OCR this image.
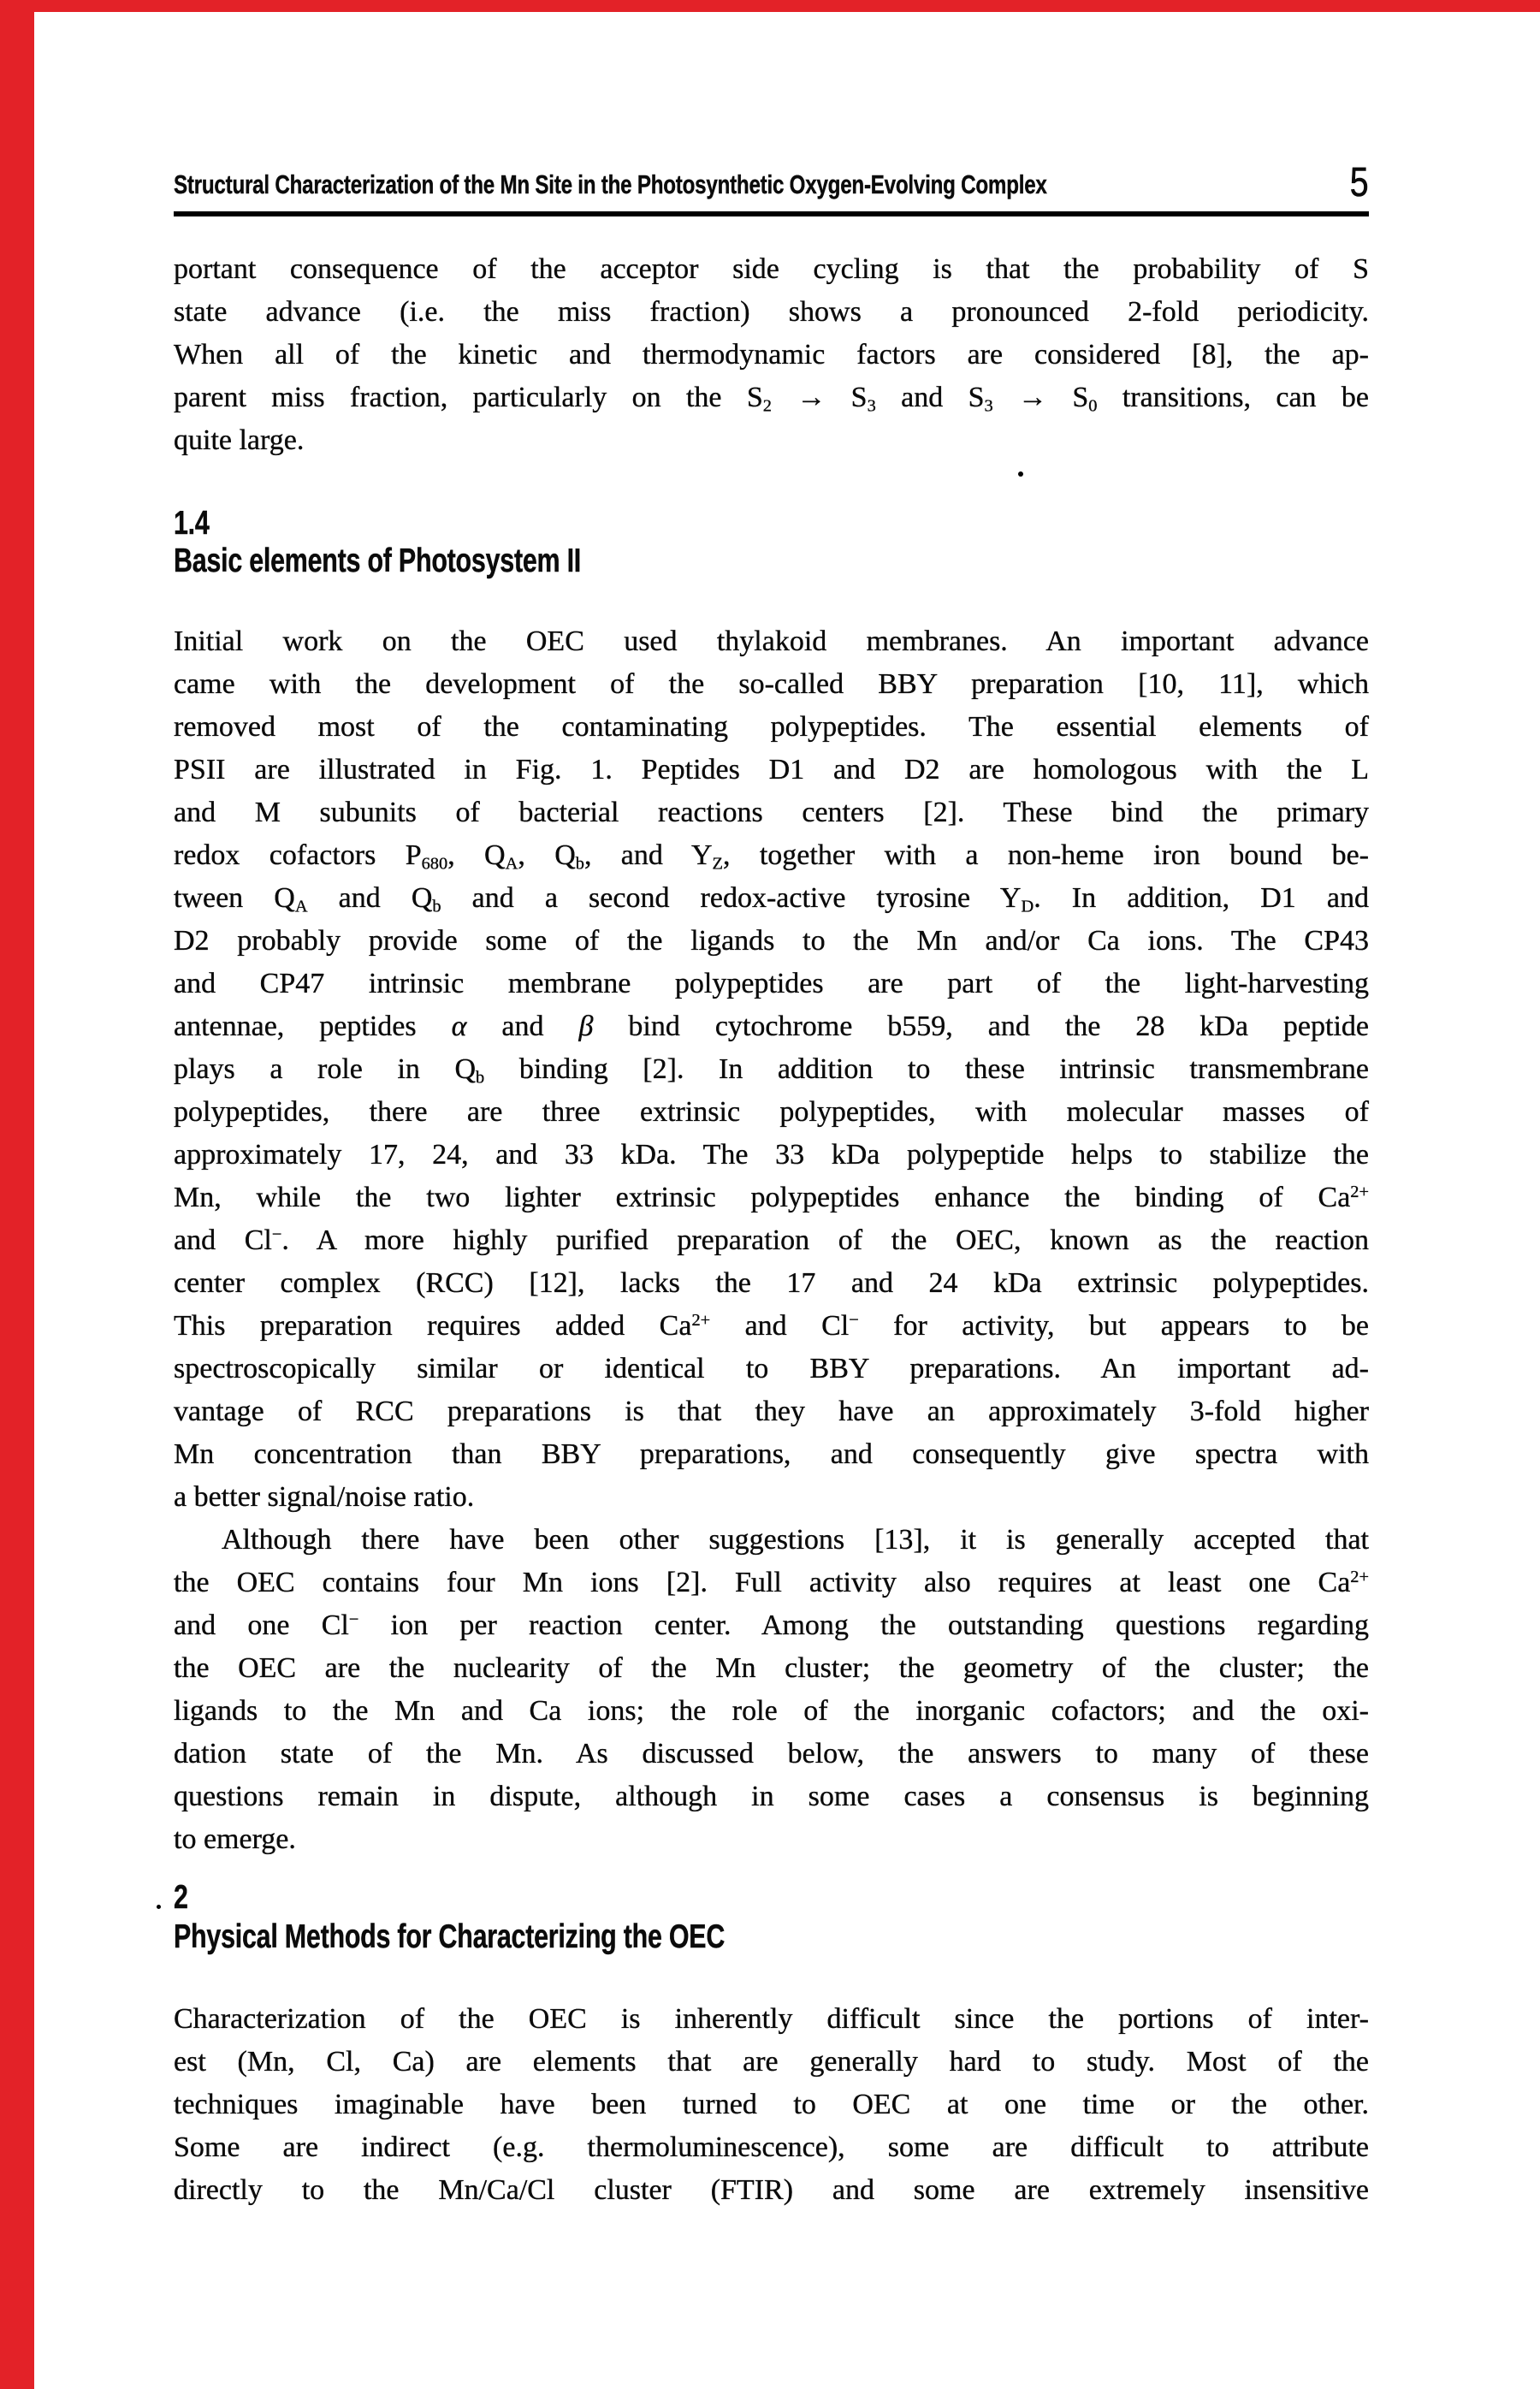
Structural Characterization of the Mn Site in the Photosynthetic Oxygen-Evolving Complex	5
portant consequence of the acceptor side cycling is that the probability of S
state advance (i.e. the miss fraction) shows a pronounced 2-fold periodicity.
When all of the kinetic and thermodynamic factors are considered [8], the ap-
parent miss fraction, particularly on the $S_2 \to S_3$ and $S_3 \to S_0$ transitions, can be
quite large.
1.4
Basic elements of Photosystem II
Initial work on the OEC used thylakoid membranes. An important advance
came with the development of the so-called BBY preparation [10, 11], which
removed most of the contaminating polypeptides. The essential elements of
PSII are illustrated in Fig. 1. Peptides D1 and D2 are homologous with the L
and M subunits of bacterial reactions centers [2]. These bind the primary
redox cofactors $P_{680}$, $Q_A$, $Q_b$, and $Y_Z$, together with a non-heme iron bound be-
tween $Q_A$ and $Q_b$ and a second redox-active tyrosine $Y_D$. In addition, D1 and
D2 probably provide some of the ligands to the Mn and/or Ca ions. The CP43
and CP47 intrinsic membrane polypeptides are part of the light-harvesting
antennae, peptides α and β bind cytochrome b559, and the 28 kDa peptide
plays a role in $Q_b$ binding [2]. In addition to these intrinsic transmembrane
polypeptides, there are three extrinsic polypeptides, with molecular masses of
approximately 17, 24, and 33 kDa. The 33 kDa polypeptide helps to stabilize the
Mn, while the two lighter extrinsic polypeptides enhance the binding of $Ca^{2+}$
and Cl−. A more highly purified preparation of the OEC, known as the reaction
center complex (RCC) [12], lacks the 17 and 24 kDa extrinsic polypeptides.
This preparation requires added $Ca^{2+}$ and Cl− for activity, but appears to be
spectroscopically similar or identical to BBY preparations. An important ad-
vantage of RCC preparations is that they have an approximately 3-fold higher
Mn concentration than BBY preparations, and consequently give spectra with
a better signal/noise ratio.
Although there have been other suggestions [13], it is generally accepted that
the OEC contains four Mn ions [2]. Full activity also requires at least one $Ca^{2+}$
and one Cl− ion per reaction center. Among the outstanding questions regarding
the OEC are the nuclearity of the Mn cluster; the geometry of the cluster; the
ligands to the Mn and Ca ions; the role of the inorganic cofactors; and the oxi-
dation state of the Mn. As discussed below, the answers to many of these
questions remain in dispute, although in some cases a consensus is beginning
to emerge.
2
Physical Methods for Characterizing the OEC
Characterization of the OEC is inherently difficult since the portions of inter-
est (Mn, Cl, Ca) are elements that are generally hard to study. Most of the
techniques imaginable have been turned to OEC at one time or the other.
Some are indirect (e.g. thermoluminescence), some are difficult to attribute
directly to the Mn/Ca/Cl cluster (FTIR) and some are extremely insensitive
